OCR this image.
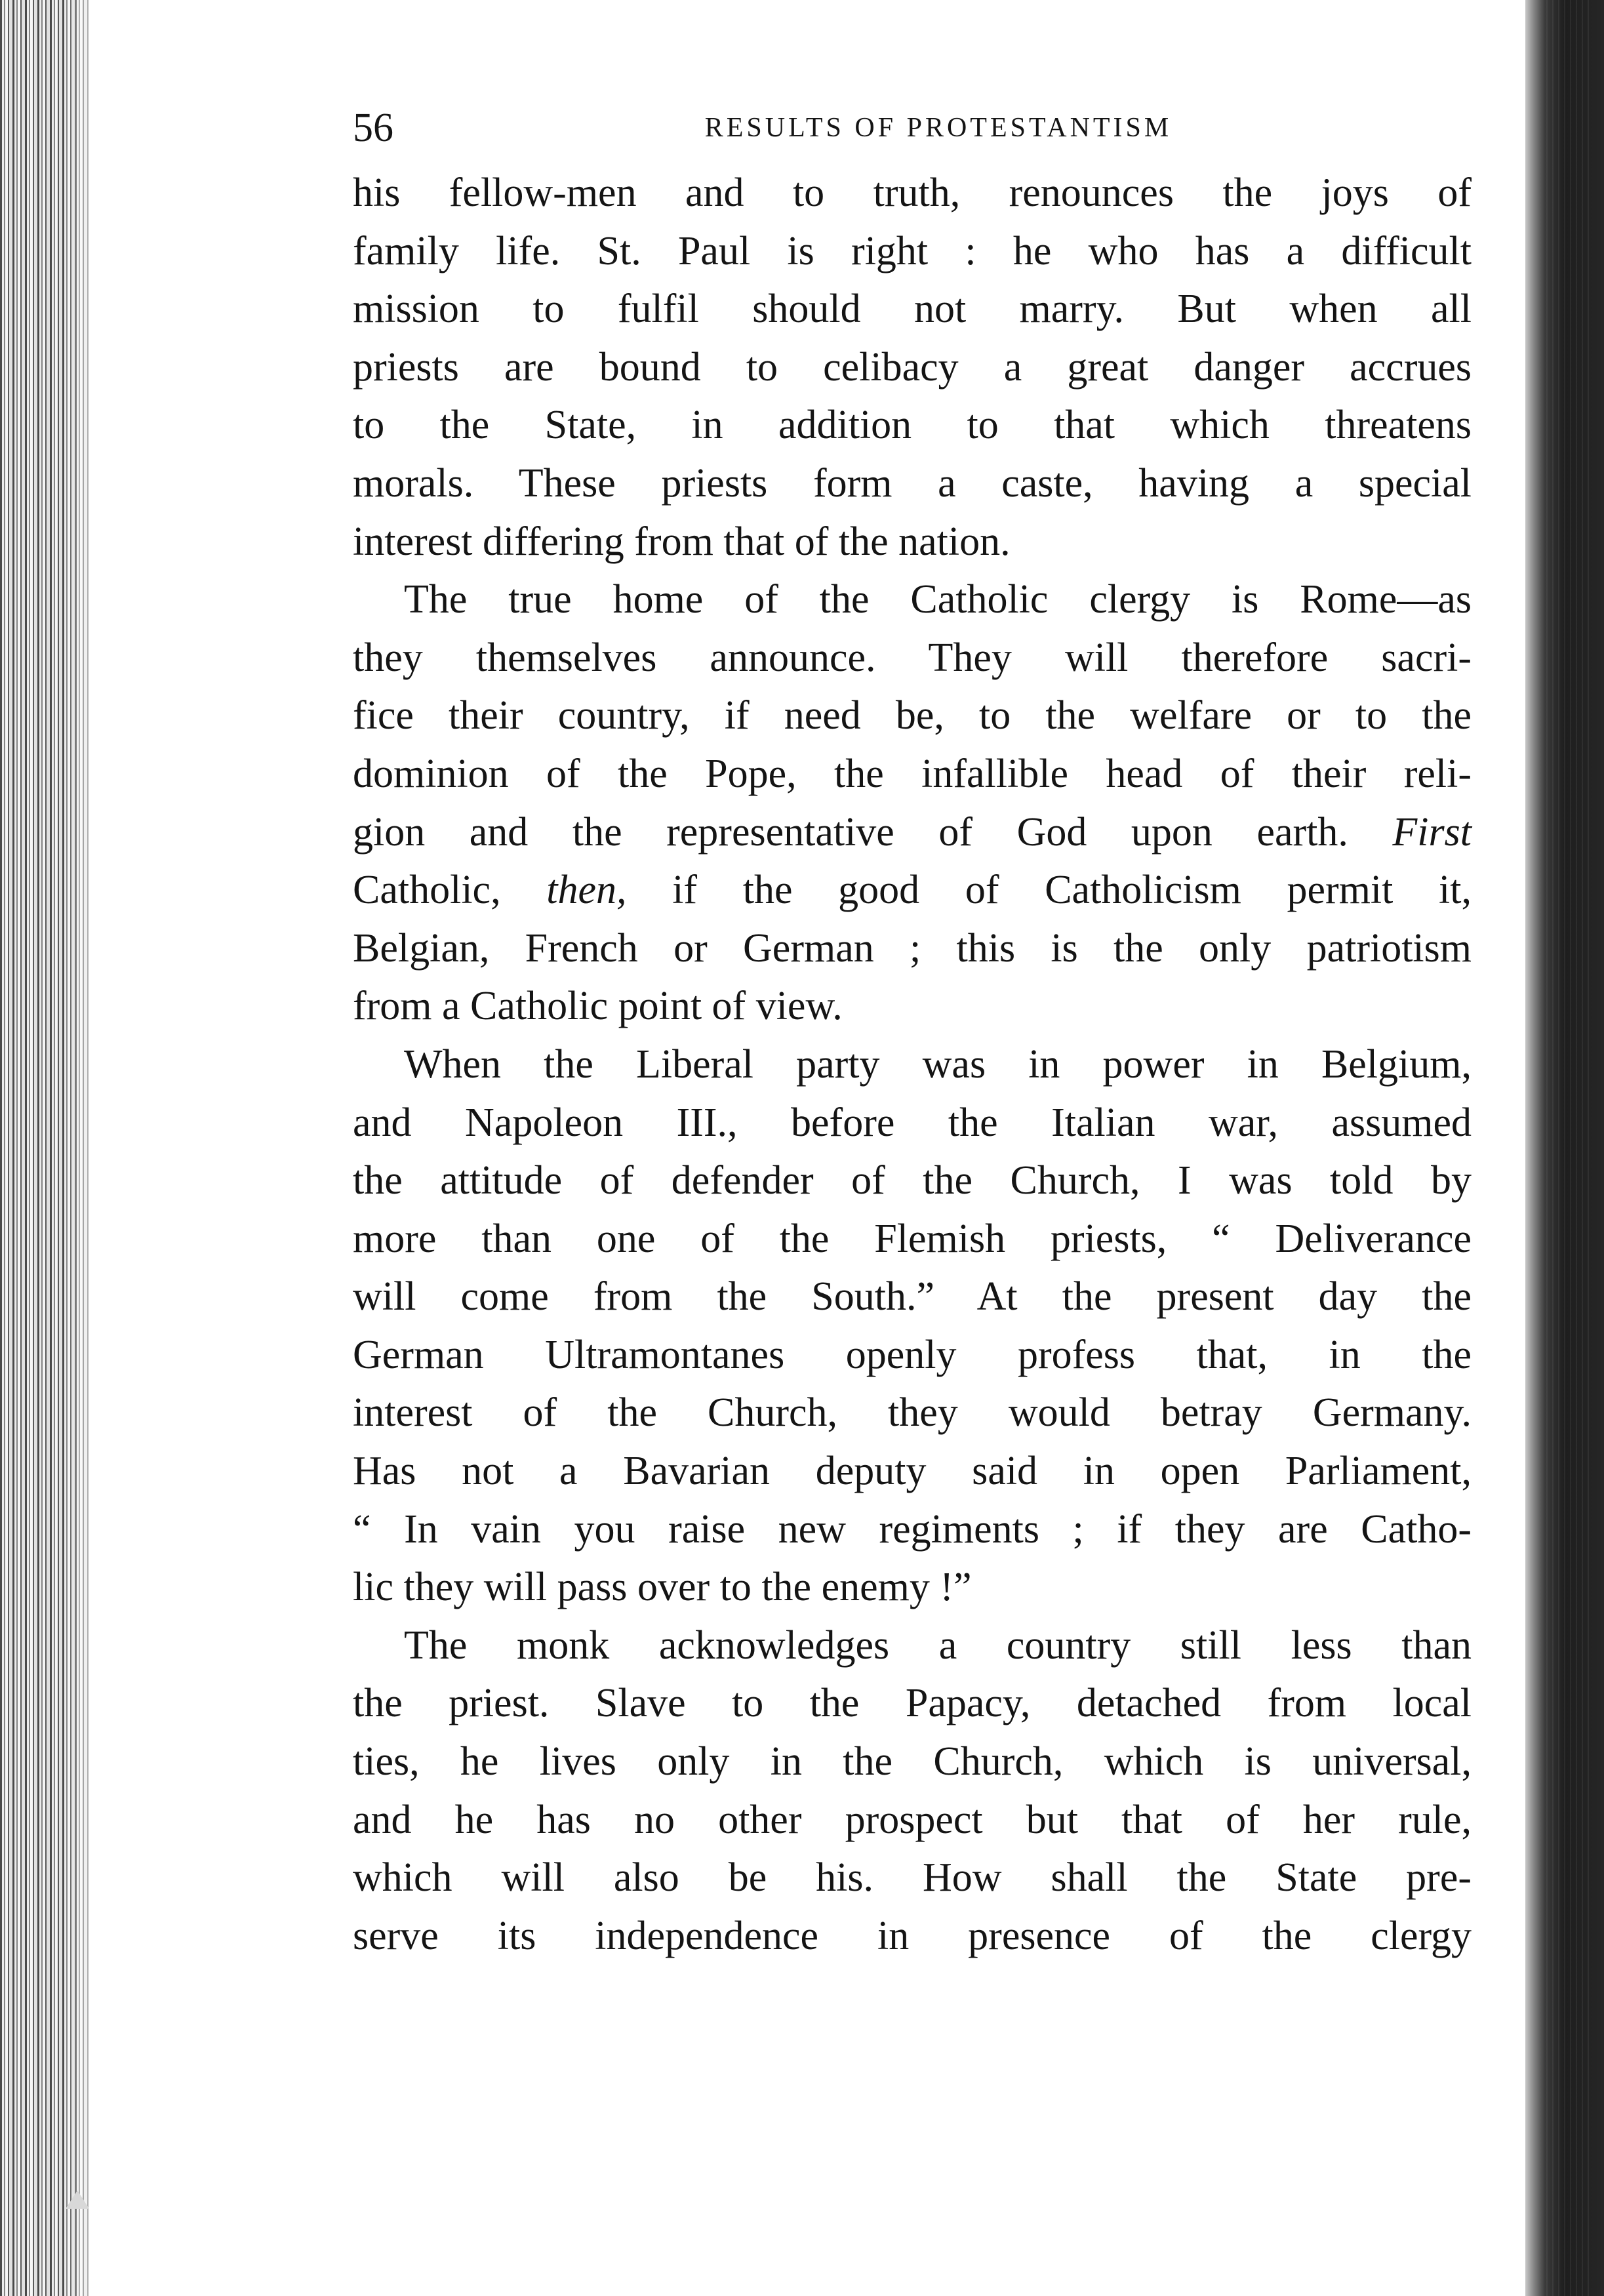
56	RESULTS OF PROTESTANTISM
his fellow-men and to truth, renounces the joys of
family life. St. Paul is right : he who has a difficult
mission to fulfil should not marry. But when all
priests are bound to celibacy a great danger accrues
to the State, in addition to that which threatens
morals. These priests form a caste, having a special
interest differing from that of the nation.
The true home of the Catholic clergy is Rome—as
they themselves announce. They will therefore sacri-
fice their country, if need be, to the welfare or to the
dominion of the Pope, the infallible head of their reli-
gion and the representative of God upon earth. First
Catholic, then, if the good of Catholicism permit it,
Belgian, French or German ; this is the only patriotism
from a Catholic point of view.
When the Liberal party was in power in Belgium,
and Napoleon III., before the Italian war, assumed
the attitude of defender of the Church, I was told by
more than one of the Flemish priests, “ Deliverance
will come from the South.” At the present day the
German Ultramontanes openly profess that, in the
interest of the Church, they would betray Germany.
Has not a Bavarian deputy said in open Parliament,
“ In vain you raise new regiments ; if they are Catho-
lic they will pass over to the enemy !”
The monk acknowledges a country still less than
the priest. Slave to the Papacy, detached from local
ties, he lives only in the Church, which is universal,
and he has no other prospect but that of her rule,
which will also be his. How shall the State pre-
serve its independence in presence of the clergy
